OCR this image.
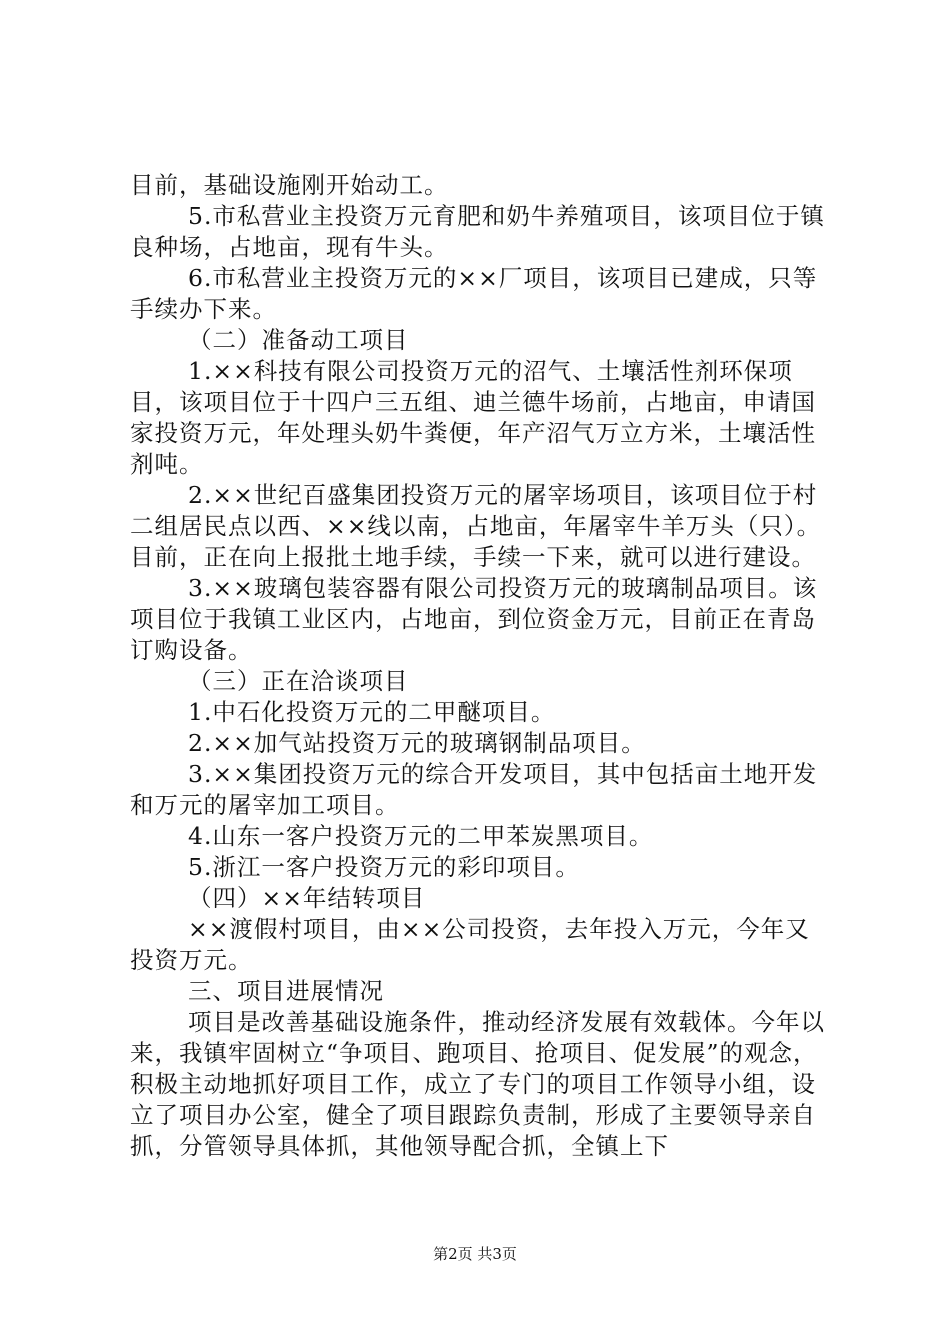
目前，基础设施刚开始动工。

5.市私营业主投资万元育肥和奶牛养殖项目，该项目位于镇良种场，占地亩，现有牛头。

6.市私营业主投资万元的××厂项目，该项目已建成，只等手续办下来。

（二）准备动工项目

1.××科技有限公司投资万元的沼气、土壤活性剂环保项目，该项目位于十四户三五组、迪兰德牛场前，占地亩，申请国家投资万元，年处理头奶牛粪便，年产沼气万立方米，土壤活性剂吨。

2.××世纪百盛集团投资万元的屠宰场项目，该项目位于村二组居民点以西、××线以南，占地亩，年屠宰牛羊万头（只）。目前，正在向上报批土地手续，手续一下来，就可以进行建设。

3.××玻璃包装容器有限公司投资万元的玻璃制品项目。该项目位于我镇工业区内，占地亩，到位资金万元，目前正在青岛订购设备。

（三）正在洽谈项目

1.中石化投资万元的二甲醚项目。

2.××加气站投资万元的玻璃钢制品项目。

3.××集团投资万元的综合开发项目，其中包括亩土地开发和万元的屠宰加工项目。

4.山东一客户投资万元的二甲苯炭黑项目。

5.浙江一客户投资万元的彩印项目。

（四）××年结转项目

××渡假村项目，由××公司投资，去年投入万元，今年又投资万元。

三、项目进展情况

项目是改善基础设施条件，推动经济发展有效载体。今年以来，我镇牢固树立“争项目、跑项目、抢项目、促发展”的观念，积极主动地抓好项目工作，成立了专门的项目工作领导小组，设立了项目办公室，健全了项目跟踪负责制，形成了主要领导亲自抓，分管领导具体抓，其他领导配合抓，全镇上下

第2页 共3页
